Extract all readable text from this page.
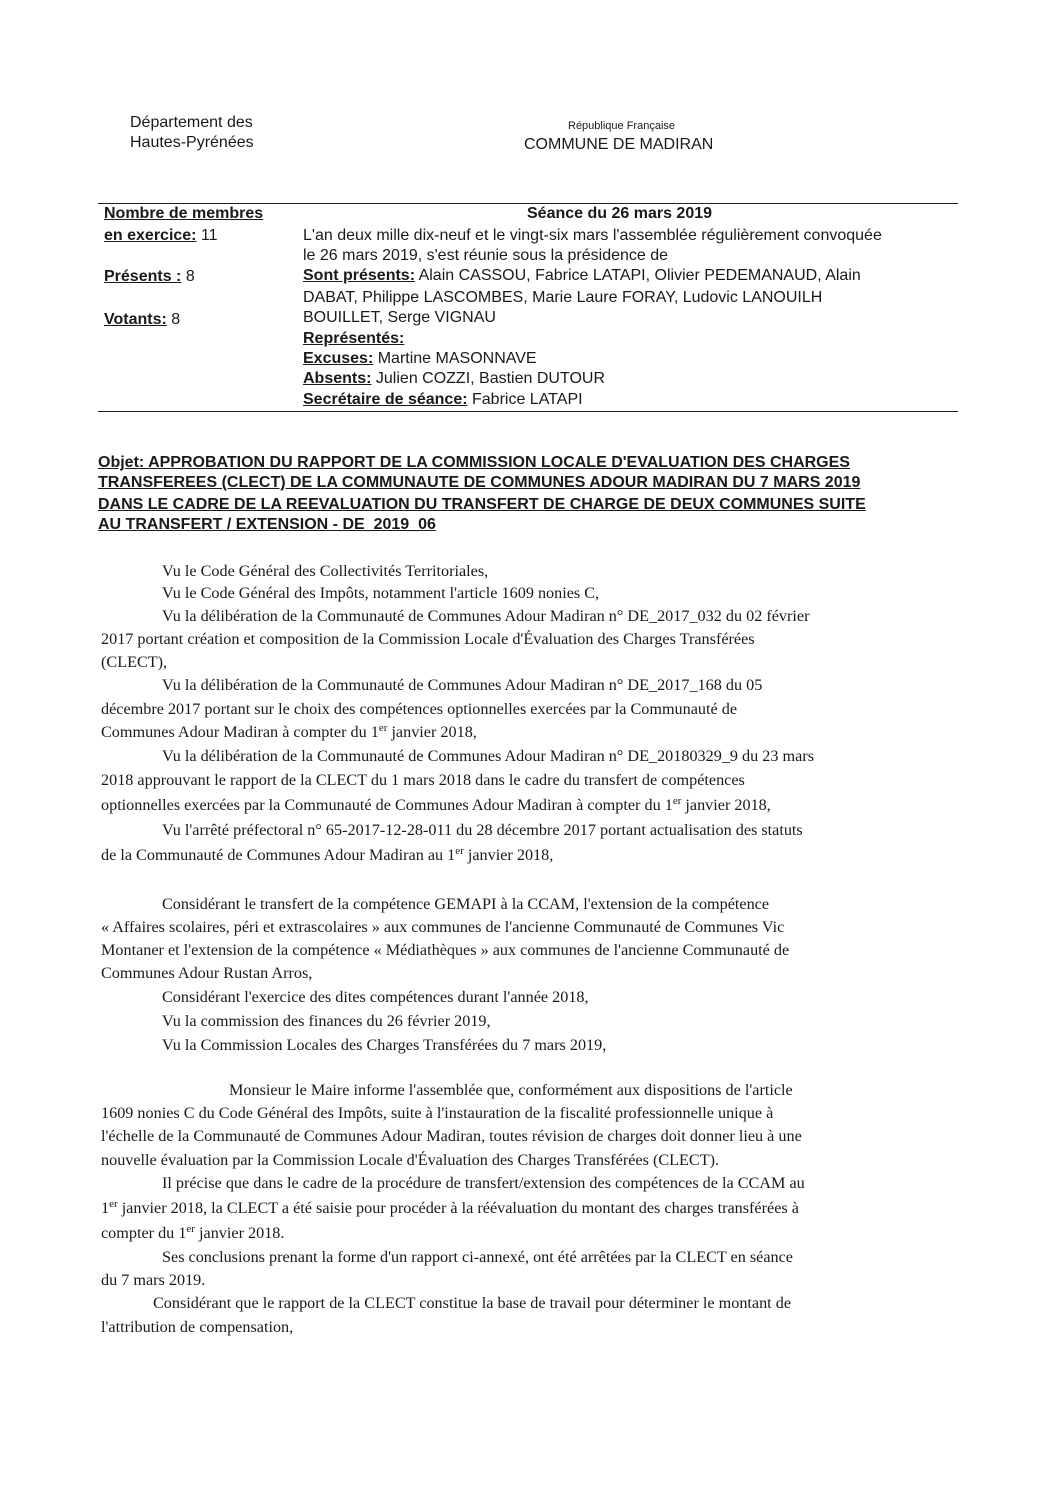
Département des
Hautes-Pyrénées
République Française
COMMUNE DE MADIRAN
Nombre de membres
en exercice: 11
Présents : 8
Votants: 8
Séance du 26 mars 2019
L'an deux mille dix-neuf et le vingt-six mars l'assemblée régulièrement convoquée
le 26 mars 2019, s'est réunie sous la présidence de
Sont présents: Alain CASSOU, Fabrice LATAPI, Olivier PEDEMANAUD, Alain
DABAT, Philippe LASCOMBES, Marie Laure FORAY, Ludovic LANOUILH
BOUILLET, Serge VIGNAU
Représentés:
Excuses: Martine MASONNAVE
Absents: Julien COZZI, Bastien DUTOUR
Secrétaire de séance: Fabrice LATAPI
Objet: APPROBATION DU RAPPORT DE LA COMMISSION LOCALE D'EVALUATION DES CHARGES
TRANSFEREES (CLECT) DE LA COMMUNAUTE DE COMMUNES ADOUR MADIRAN DU 7 MARS 2019
DANS LE CADRE DE LA REEVALUATION DU TRANSFERT DE CHARGE DE DEUX COMMUNES SUITE
AU TRANSFERT / EXTENSION - DE_2019_06
Vu le Code Général des Collectivités Territoriales,
Vu le Code Général des Impôts, notamment l'article 1609 nonies C,
Vu la délibération de la Communauté de Communes Adour Madiran n° DE_2017_032 du 02 février
2017 portant création et composition de la Commission Locale d'Évaluation des Charges Transférées
(CLECT),
Vu la délibération de la Communauté de Communes Adour Madiran n° DE_2017_168 du 05
décembre 2017 portant sur le choix des compétences optionnelles exercées par la Communauté de
Communes Adour Madiran à compter du 1er janvier 2018,
Vu la délibération de la Communauté de Communes Adour Madiran n° DE_20180329_9 du 23 mars
2018 approuvant le rapport de la CLECT du 1 mars 2018 dans le cadre du transfert de compétences
optionnelles exercées par la Communauté de Communes Adour Madiran à compter du 1er janvier 2018,
Vu l'arrêté préfectoral n° 65-2017-12-28-011 du 28 décembre 2017 portant actualisation des statuts
de la Communauté de Communes Adour Madiran au 1er janvier 2018,
Considérant le transfert de la compétence GEMAPI à la CCAM, l'extension de la compétence
« Affaires scolaires, péri et extrascolaires » aux communes de l'ancienne Communauté de Communes Vic
Montaner et l'extension de la compétence « Médiathèques » aux communes de l'ancienne Communauté de
Communes Adour Rustan Arros,
Considérant l'exercice des dites compétences durant l'année 2018,
Vu la commission des finances du 26 février 2019,
Vu la Commission Locales des Charges Transférées du 7 mars 2019,
Monsieur le Maire informe l'assemblée que, conformément aux dispositions de l'article
1609 nonies C du Code Général des Impôts, suite à l'instauration de la fiscalité professionnelle unique à
l'échelle de la Communauté de Communes Adour Madiran, toutes révision de charges doit donner lieu à une
nouvelle évaluation par la Commission Locale d'Évaluation des Charges Transférées (CLECT).
Il précise que dans le cadre de la procédure de transfert/extension des compétences de la CCAM au
1er janvier 2018, la CLECT a été saisie pour procéder à la réévaluation du montant des charges transférées à
compter du 1er janvier 2018.
Ses conclusions prenant la forme d'un rapport ci-annexé, ont été arrêtées par la CLECT en séance
du 7 mars 2019.
Considérant que le rapport de la CLECT constitue la base de travail pour déterminer le montant de
l'attribution de compensation,
